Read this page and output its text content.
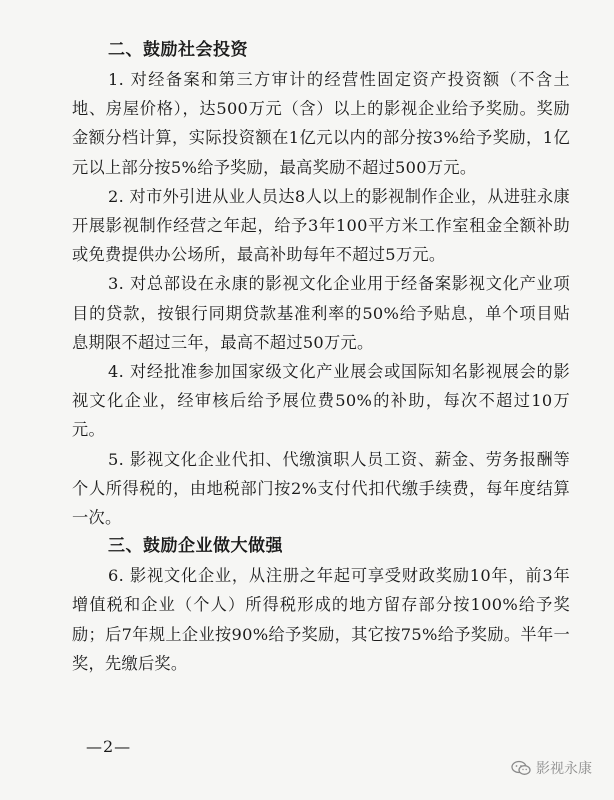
二、鼓励社会投资

1. 对经备案和第三方审计的经营性固定资产投资额（不含土地、房屋价格），达500万元（含）以上的影视企业给予奖励。奖励金额分档计算，实际投资额在1亿元以内的部分按3%给予奖励，1亿元以上部分按5%给予奖励，最高奖励不超过500万元。

2. 对市外引进从业人员达8人以上的影视制作企业，从进驻永康开展影视制作经营之年起，给予3年100平方米工作室租金全额补助或免费提供办公场所，最高补助每年不超过5万元。

3. 对总部设在永康的影视文化企业用于经备案影视文化产业项目的贷款，按银行同期贷款基准利率的50%给予贴息，单个项目贴息期限不超过三年，最高不超过50万元。

4. 对经批准参加国家级文化产业展会或国际知名影视展会的影视文化企业，经审核后给予展位费50%的补助，每次不超过10万元。

5. 影视文化企业代扣、代缴演职人员工资、薪金、劳务报酬等个人所得税的，由地税部门按2%支付代扣代缴手续费，每年度结算一次。

三、鼓励企业做大做强

6. 影视文化企业，从注册之年起可享受财政奖励10年，前3年增值税和企业（个人）所得税形成的地方留存部分按100%给予奖励；后7年规上企业按90%给予奖励，其它按75%给予奖励。半年一奖，先缴后奖。

—2—
影视永康
